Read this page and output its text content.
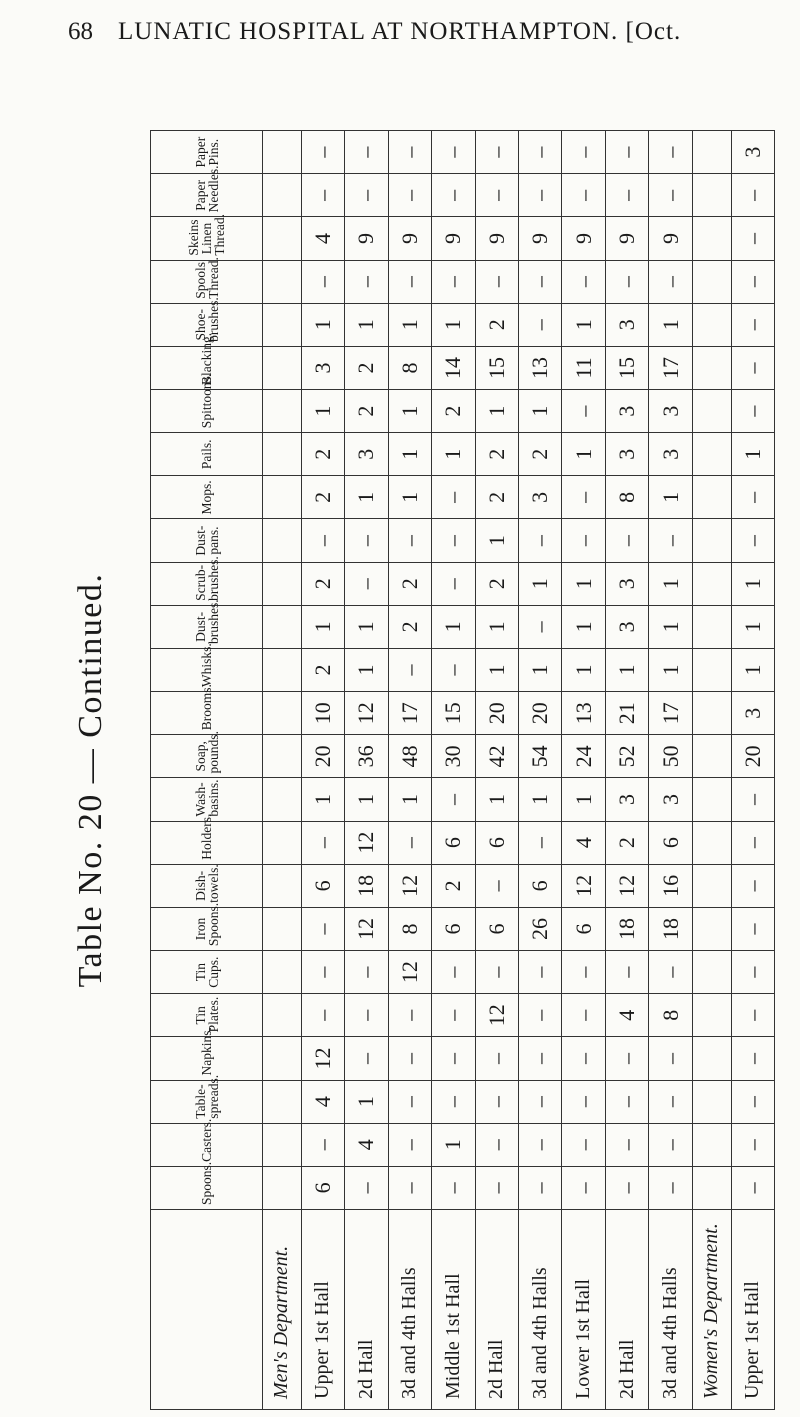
68 LUNATIC HOSPITAL AT NORTHAMPTON. [Oct.
Table No. 20 — Continued.
	Spoons.	Casters.	Table-spreads.	Napkins.	Tin Plates.	Tin Cups.	Iron Spoons.	Dish-towels.	Holders.	Wash-basins.	Soap, pounds.	Brooms.	Whisks.	Dust-brushes.	Scrub-brushes.	Dust-pans.	Mops.	Pails.	Spittoons.	Blacking.	Shoe-brushes.	Spools Thread.	Skeins Linen Thread.	Paper Needles.	Paper Pins.
Men's Department.																									
Upper 1st Hall	6	–	4	12	–	–	–	6	–	1	20	10	2	1	2	–	2	2	1	3	1	–	4	–	–
2d Hall	–	4	1	–	–	–	12	18	12	1	36	12	1	1	–	–	1	3	2	2	1	–	9	–	–
3d and 4th Halls	–	–	–	–	–	12	8	12	–	1	48	17	–	2	2	–	1	1	1	8	1	–	9	–	–
Middle 1st Hall	–	1	–	–	–	–	6	2	6	–	30	15	–	1	–	–	–	1	2	14	1	–	9	–	–
2d Hall	–	–	–	–	12	–	6	–	6	1	42	20	1	1	2	1	2	2	1	15	2	–	9	–	–
3d and 4th Halls	–	–	–	–	–	–	26	6	–	1	54	20	1	–	1	–	3	2	1	13	–	–	9	–	–
Lower 1st Hall	–	–	–	–	–	–	6	12	4	1	24	13	1	1	1	–	–	1	–	11	1	–	9	–	–
2d Hall	–	–	–	–	4	–	18	12	2	3	52	21	1	3	3	–	8	3	3	15	3	–	9	–	–
3d and 4th Halls	–	–	–	–	8	–	18	16	6	3	50	17	1	1	1	–	1	3	3	17	1	–	9	–	–
Women's Department.																									
Upper 1st Hall	–	–	–	–	–	–	–	–	–	–	20	3	1	1	1	–	–	1	–	–	–	–	–	–	3
